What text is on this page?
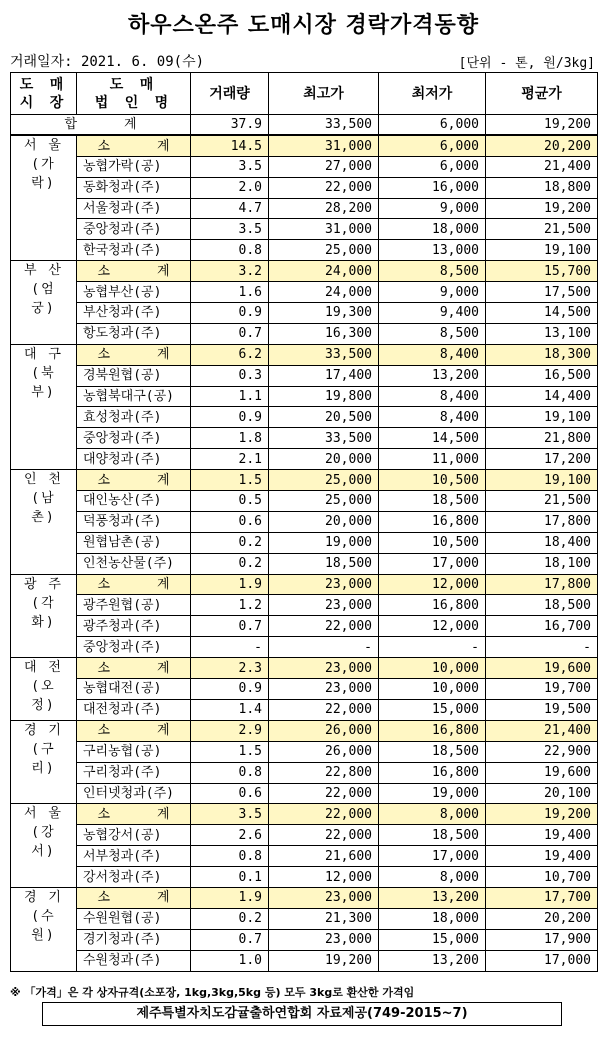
하우스온주 도매시장 경락가격동향
거래일자: 2021. 6. 09(수)	[단위 - 톤, 원/3kg]
도 매
시 장	도 매
법 인 명	거래량	최고가	최저가	평균가
합      계		37.9	33,500	6,000	19,200
서 울
(가 락)	소      계	14.5	31,000	6,000	20,200
	농협가락(공)	3.5	27,000	6,000	21,400
	동화청과(주)	2.0	22,000	16,000	18,800
	서울청과(주)	4.7	28,200	9,000	19,200
	중앙청과(주)	3.5	31,000	18,000	21,500
	한국청과(주)	0.8	25,000	13,000	19,100
부 산
(엄 궁)	소      계	3.2	24,000	8,500	15,700
	농협부산(공)	1.6	24,000	9,000	17,500
	부산청과(주)	0.9	19,300	9,400	14,500
	항도청과(주)	0.7	16,300	8,500	13,100
대 구
(북 부)	소      계	6.2	33,500	8,400	18,300
	경북원협(공)	0.3	17,400	13,200	16,500
	농협북대구(공)	1.1	19,800	8,400	14,400
	효성청과(주)	0.9	20,500	8,400	19,100
	중앙청과(주)	1.8	33,500	14,500	21,800
	대양청과(주)	2.1	20,000	11,000	17,200
인 천
(남 촌)	소      계	1.5	25,000	10,500	19,100
	대인농산(주)	0.5	25,000	18,500	21,500
	덕풍청과(주)	0.6	20,000	16,800	17,800
	원협남촌(공)	0.2	19,000	10,500	18,400
	인천농산물(주)	0.2	18,500	17,000	18,100
광 주
(각 화)	소      계	1.9	23,000	12,000	17,800
	광주원협(공)	1.2	23,000	16,800	18,500
	광주청과(주)	0.7	22,000	12,000	16,700
	중앙청과(주)	-	-	-	-
대 전
(오 정)	소      계	2.3	23,000	10,000	19,600
	농협대전(공)	0.9	23,000	10,000	19,700
	대전청과(주)	1.4	22,000	15,000	19,500
경 기
(구 리)	소      계	2.9	26,000	16,800	21,400
	구리농협(공)	1.5	26,000	18,500	22,900
	구리청과(주)	0.8	22,800	16,800	19,600
	인터넷청과(주)	0.6	22,000	19,000	20,100
서 울
(강 서)	소      계	3.5	22,000	8,000	19,200
	농협강서(공)	2.6	22,000	18,500	19,400
	서부청과(주)	0.8	21,600	17,000	19,400
	강서청과(주)	0.1	12,000	8,000	10,700
경 기
(수 원)	소      계	1.9	23,000	13,200	17,700
	수원원협(공)	0.2	21,300	18,000	20,200
	경기청과(주)	0.7	23,000	15,000	17,900
	수원청과(주)	1.0	19,200	13,200	17,000
※ 「가격」은 각 상자규격(소포장, 1kg,3kg,5kg 등) 모두 3kg로 환산한 가격임
제주특별자치도감귤출하연합회 자료제공(749-2015~7)
